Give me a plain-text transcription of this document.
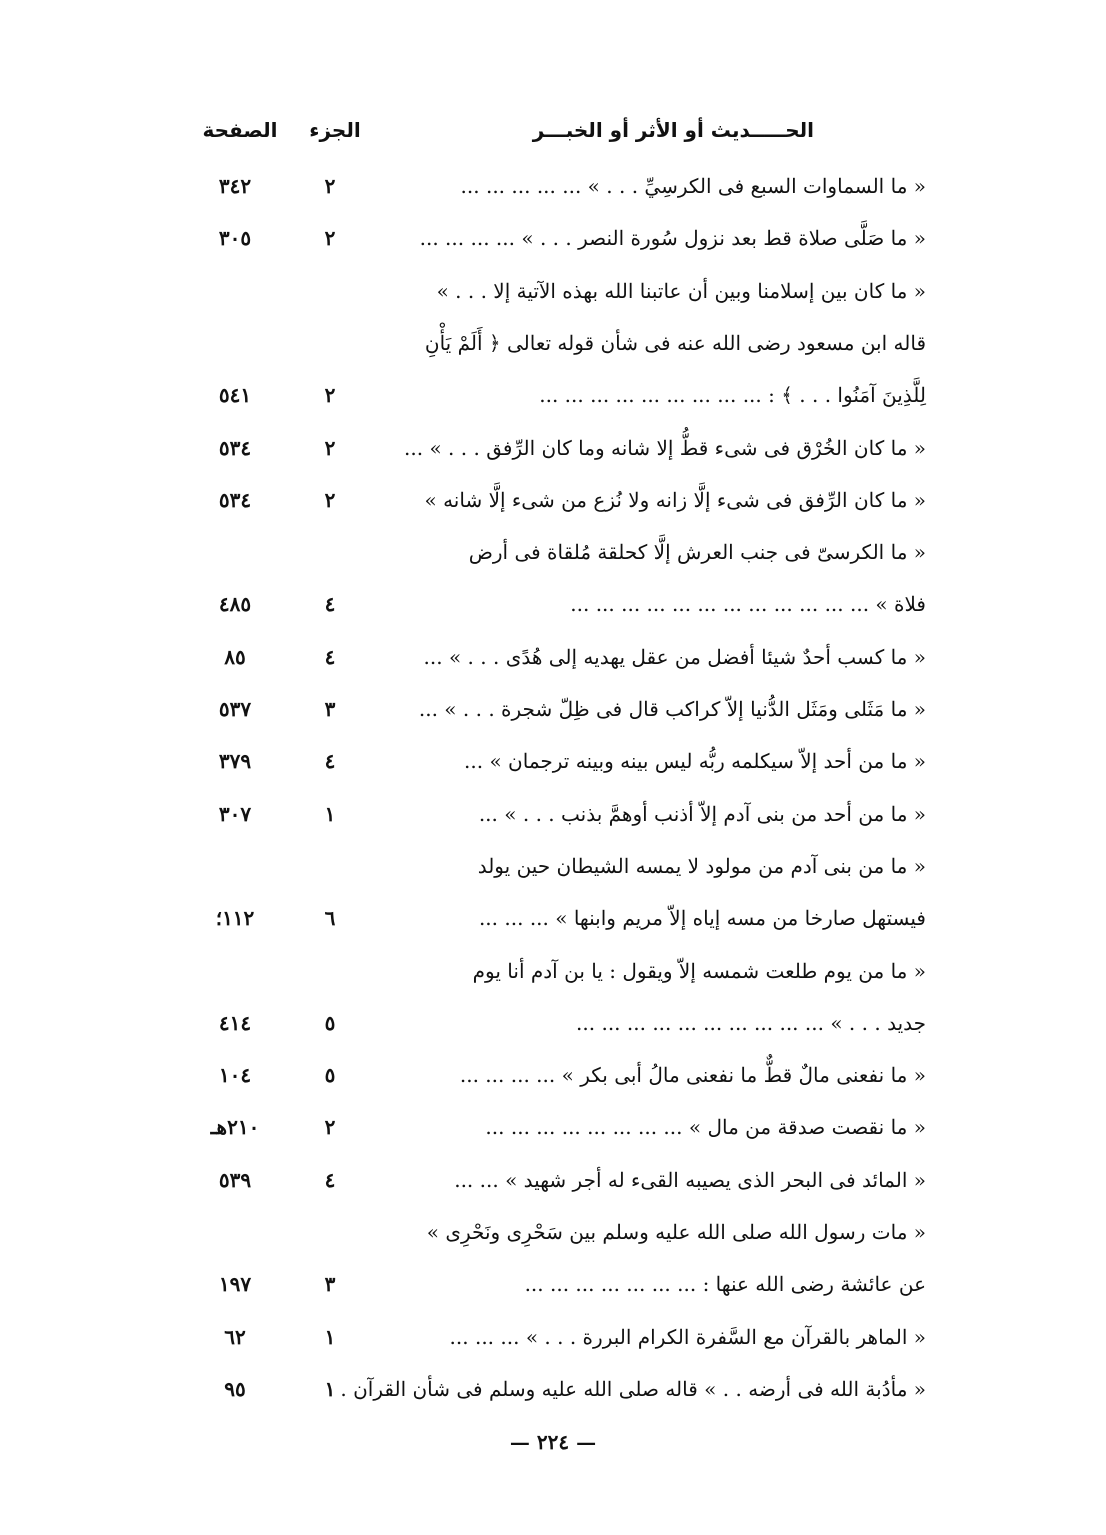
الحـــــديث أو الأثر أو الخبـــر
الجزء
الصفحة
« ما السماوات السبع فى الكرسِيِّ . . . » ... ... ... ... ...
٢
٣٤٢
« ما صَلَّى صلاة قط بعد نزول سُورة النصر . . . » ... ... ... ...
٢
٣٠٥
« ما كان بين إسلامنا وبين أن عاتبنا الله بهذه الآتية إلا . . . »
قاله ابن مسعود رضى الله عنه فى شأن قوله تعالى ﴿ أَلَمْ يَأْنِ
لِلَّذِينَ آمَنُوا . . . ﴾ : ... ... ... ... ... ... ... ... ...
٢
٥٤١
« ما كان الخُرْق فى شىء قطُّ إلا شانه وما كان الرِّفق . . . » ...
٢
٥٣٤
« ما كان الرِّفق فى شىء إلَّا زانه ولا نُزع من شىء إلَّا شانه »
٢
٥٣٤
« ما الكرسىّ فى جنب العرش إلَّا كحلقة مُلقاة فى أرض
فلاة » ... ... ... ... ... ... ... ... ... ... ... ...
٤
٤٨٥
« ما كسب أحدٌ شيئا أفضل من عقل يهديه إلى هُدًى . . . » ...
٤
٨٥
« ما مَثَلى ومَثَل الدُّنيا إلاّ كراكب قال فى ظِلّ شجرة . . . » ...
٣
٥٣٧
« ما من أحد إلاّ سيكلمه ربُّه ليس بينه وبينه ترجمان » ...
٤
٣٧٩
« ما من أحد من بنى آدم إلاّ أذنب أوهمَّ بذنب . . . » ...
١
٣٠٧
« ما من بنى آدم من مولود لا يمسه الشيطان حين يولد
فيستهل صارخا من مسه إياه إلاّ مريم وابنها » ... ... ...
٦
١١٢؛
« ما من يوم طلعت شمسه إلاّ ويقول : يا بن آدم أنا يوم
جديد . . . » ... ... ... ... ... ... ... ... ... ...
٥
٤١٤
« ما نفعنى مالٌ قطٌّ ما نفعنى مالُ أبى بكر » ... ... ... ...
٥
١٠٤
« ما نقصت صدقة من مال » ... ... ... ... ... ... ... ...
٢
٢١٠هـ
« المائد فى البحر الذى يصيبه القىء له أجر شهيد » ... ...
٤
٥٣٩
« مات رسول الله صلى الله عليه وسلم بين سَحْرِى ونَحْرِى »
عن عائشة رضى الله عنها : ... ... ... ... ... ... ...
٣
١٩٧
« الماهر بالقرآن مع السَّفرة الكرام البررة . . . » ... ... ...
١
٦٢
« مأدُبة الله فى أرضه . . » قاله صلى الله عليه وسلم فى شأن القرآن .
١
٩٥
— ٢٢٤ —
